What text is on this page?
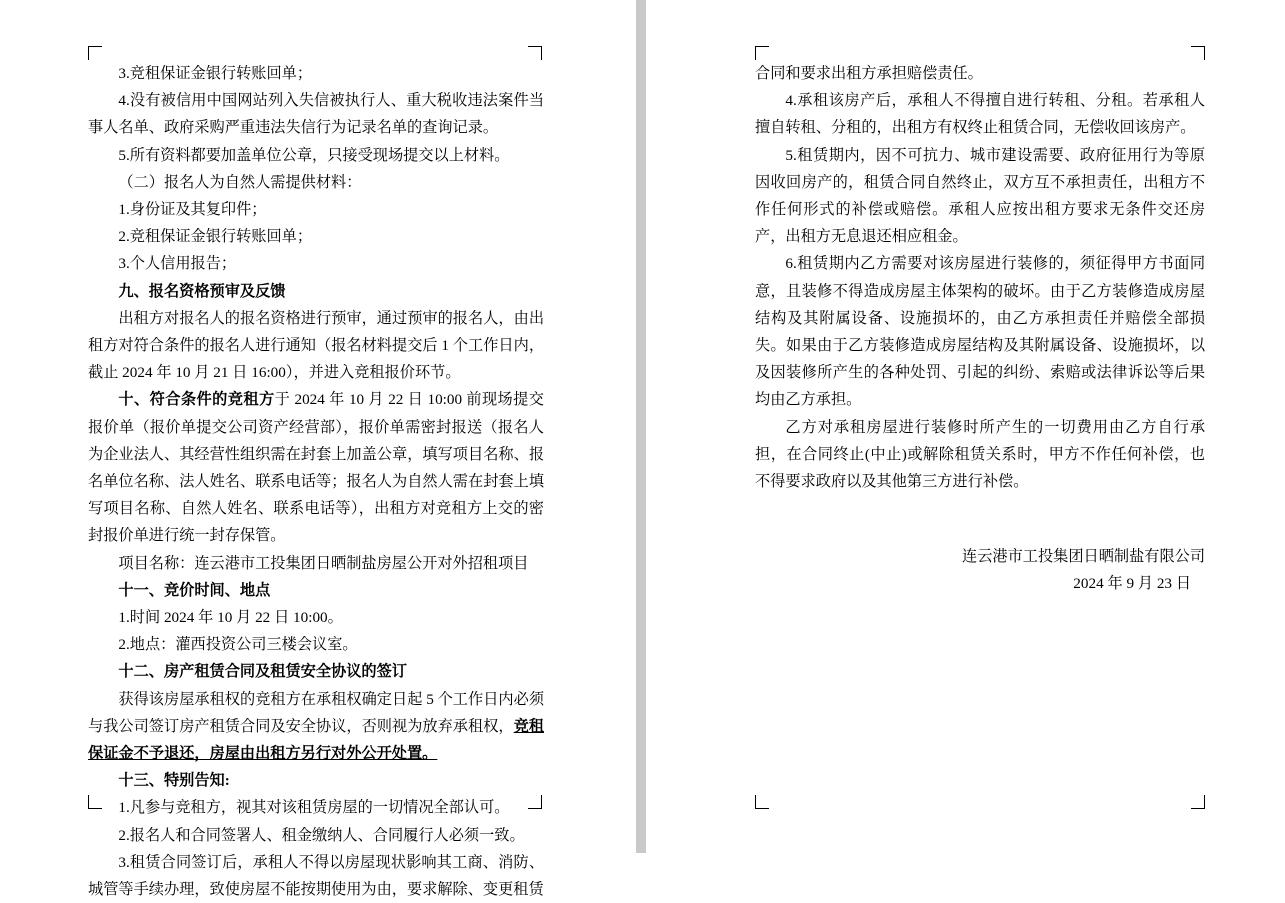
3.竞租保证金银行转账回单；

4.没有被信用中国网站列入失信被执行人、重大税收违法案件当事人名单、政府采购严重违法失信行为记录名单的查询记录。

5.所有资料都要加盖单位公章，只接受现场提交以上材料。

（二）报名人为自然人需提供材料：

1.身份证及其复印件；

2.竞租保证金银行转账回单；

3.个人信用报告；

九、报名资格预审及反馈

出租方对报名人的报名资格进行预审，通过预审的报名人，由出租方对符合条件的报名人进行通知（报名材料提交后 1 个工作日内，截止 2024 年 10 月 21 日 16:00），并进入竞租报价环节。

十、符合条件的竞租方于 2024 年 10 月 22 日 10:00 前现场提交报价单（报价单提交公司资产经营部），报价单需密封报送（报名人为企业法人、其经营性组织需在封套上加盖公章，填写项目名称、报名单位名称、法人姓名、联系电话等；报名人为自然人需在封套上填写项目名称、自然人姓名、联系电话等），出租方对竞租方上交的密封报价单进行统一封存保管。

项目名称：连云港市工投集团日晒制盐房屋公开对外招租项目

十一、竞价时间、地点

1.时间 2024 年 10 月 22 日 10:00。

2.地点：灌西投资公司三楼会议室。

十二、房产租赁合同及租赁安全协议的签订

获得该房屋承租权的竞租方在承租权确定日起 5 个工作日内必须与我公司签订房产租赁合同及安全协议，否则视为放弃承租权，竞租保证金不予退还，房屋由出租方另行对外公开处置。

十三、特别告知:

1.凡参与竞租方，视其对该租赁房屋的一切情况全部认可。

2.报名人和合同签署人、租金缴纳人、合同履行人必须一致。

3.租赁合同签订后，承租人不得以房屋现状影响其工商、消防、城管等手续办理，致使房屋不能按期使用为由，要求解除、变更租赁

合同和要求出租方承担赔偿责任。

4.承租该房产后，承租人不得擅自进行转租、分租。若承租人擅自转租、分租的，出租方有权终止租赁合同，无偿收回该房产。

5.租赁期内，因不可抗力、城市建设需要、政府征用行为等原因收回房产的，租赁合同自然终止，双方互不承担责任，出租方不作任何形式的补偿或赔偿。承租人应按出租方要求无条件交还房产，出租方无息退还相应租金。

6.租赁期内乙方需要对该房屋进行装修的，须征得甲方书面同意，且装修不得造成房屋主体架构的破坏。由于乙方装修造成房屋结构及其附属设备、设施损坏的，由乙方承担责任并赔偿全部损失。如果由于乙方装修造成房屋结构及其附属设备、设施损坏，以及因装修所产生的各种处罚、引起的纠纷、索赔或法律诉讼等后果均由乙方承担。

乙方对承租房屋进行装修时所产生的一切费用由乙方自行承担，在合同终止(中止)或解除租赁关系时，甲方不作任何补偿，也不得要求政府以及其他第三方进行补偿。

连云港市工投集团日晒制盐有限公司
2024 年 9 月 23 日
